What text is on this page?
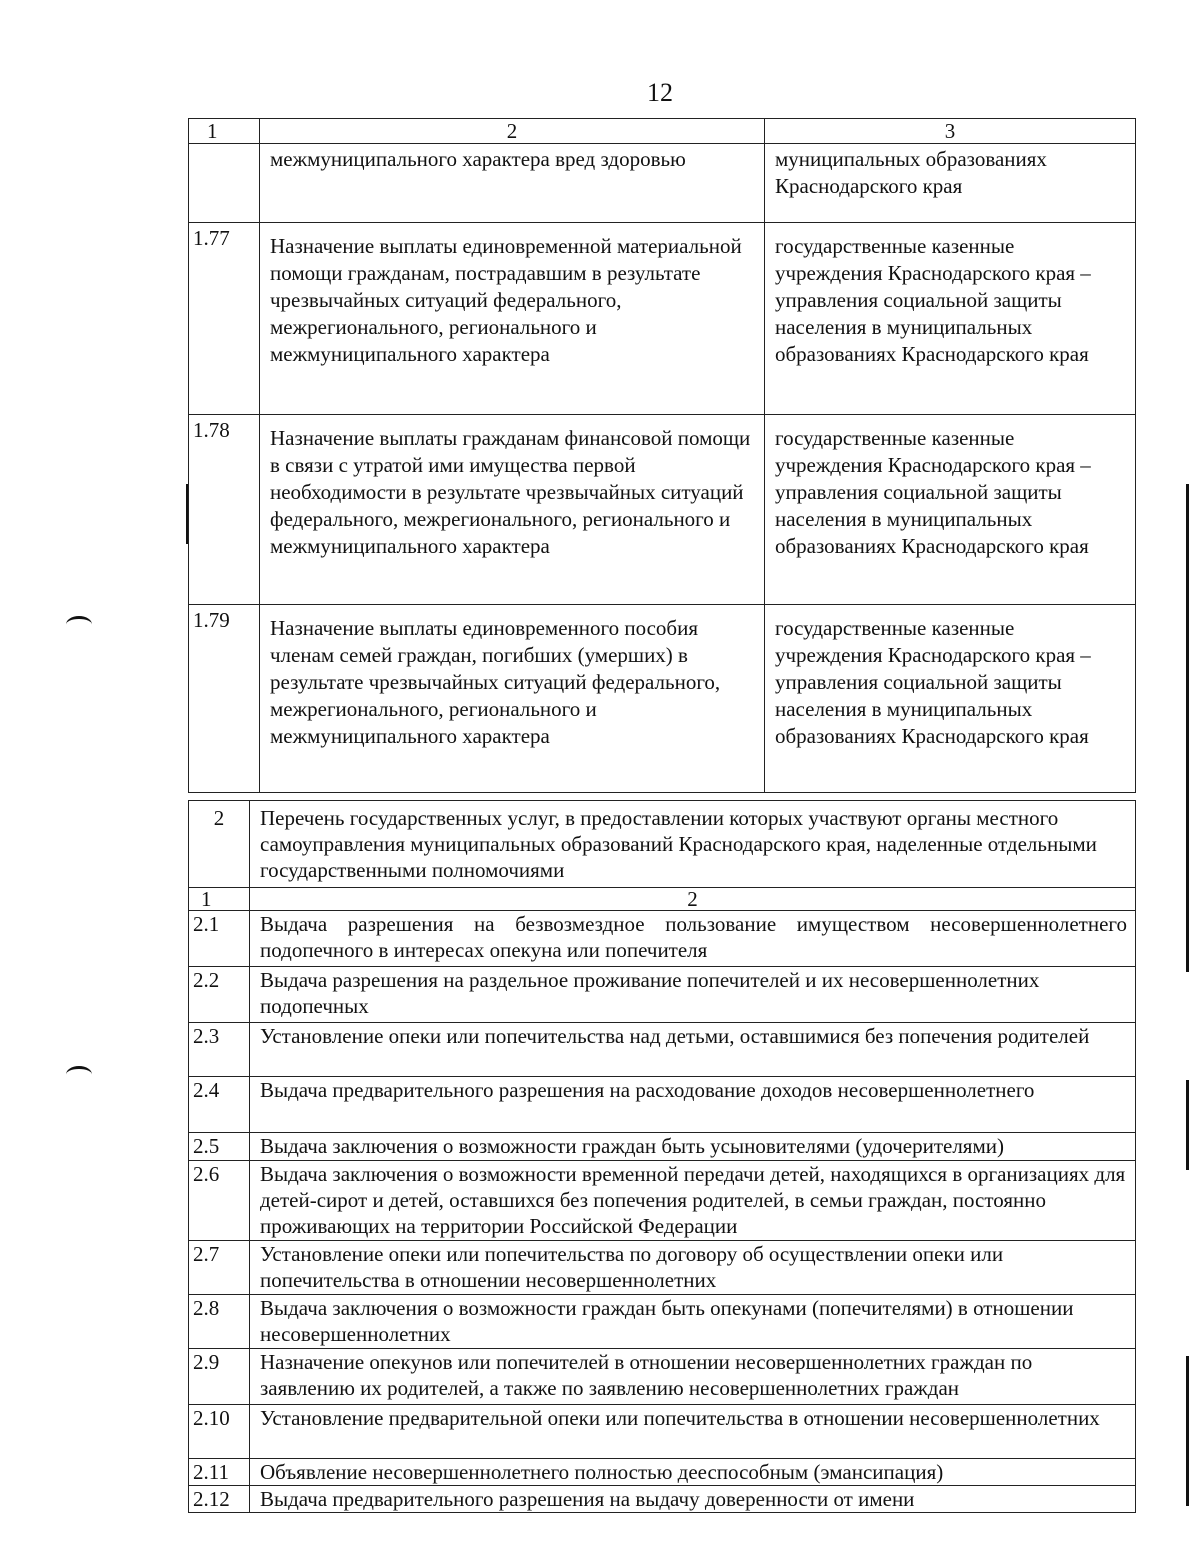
12
1	2	3
	межмуниципального характера вред здоровью	муниципальных образованиях Краснодарского края
1.77	Назначение выплаты единовременной материальной помощи гражданам, пострадавшим в результате чрезвычайных ситуаций федерального, межрегионального, регионального и межмуниципального характера	государственные казенные учреждения Краснодарского края – управления социальной защиты населения в муниципальных образованиях Краснодарского края
1.78	Назначение выплаты гражданам финансовой помощи в связи с утратой ими имущества первой необходимости в результате чрезвычайных ситуаций федерального, межрегионального, регионального и межмуниципального характера	государственные казенные учреждения Краснодарского края – управления социальной защиты населения в муниципальных образованиях Краснодарского края
1.79	Назначение выплаты единовременного пособия членам семей граждан, погибших (умерших) в результате чрезвычайных ситуаций федерального, межрегионального, регионального и межмуниципального характера	государственные казенные учреждения Краснодарского края – управления социальной защиты населения в муниципальных образованиях Краснодарского края
2	Перечень государственных услуг, в предоставлении которых участвуют органы местного самоуправления муниципальных образований Краснодарского края, наделенные отдельными государственными полномочиями
1	2
2.1	Выдача разрешения на безвозмездное пользование имуществом несовершеннолетнего подопечного в интересах опекуна или попечителя
2.2	Выдача разрешения на раздельное проживание попечителей и их несовершеннолетних подопечных
2.3	Установление опеки или попечительства над детьми, оставшимися без попечения родителей
2.4	Выдача предварительного разрешения на расходование доходов несовершеннолетнего
2.5	Выдача заключения о возможности граждан быть усыновителями (удочерителями)
2.6	Выдача заключения о возможности временной передачи детей, находящихся в организациях для детей-сирот и детей, оставшихся без попечения родителей, в семьи граждан, постоянно проживающих на территории Российской Федерации
2.7	Установление опеки или попечительства по договору об осуществлении опеки или попечительства в отношении несовершеннолетних
2.8	Выдача заключения о возможности граждан быть опекунами (попечителями) в отношении несовершеннолетних
2.9	Назначение опекунов или попечителей в отношении несовершеннолетних граждан по заявлению их родителей, а также по заявлению несовершеннолетних граждан
2.10	Установление предварительной опеки или попечительства в отношении несовершеннолетних
2.11	Объявление несовершеннолетнего полностью дееспособным (эмансипация)
2.12	Выдача предварительного разрешения на выдачу доверенности от имени
